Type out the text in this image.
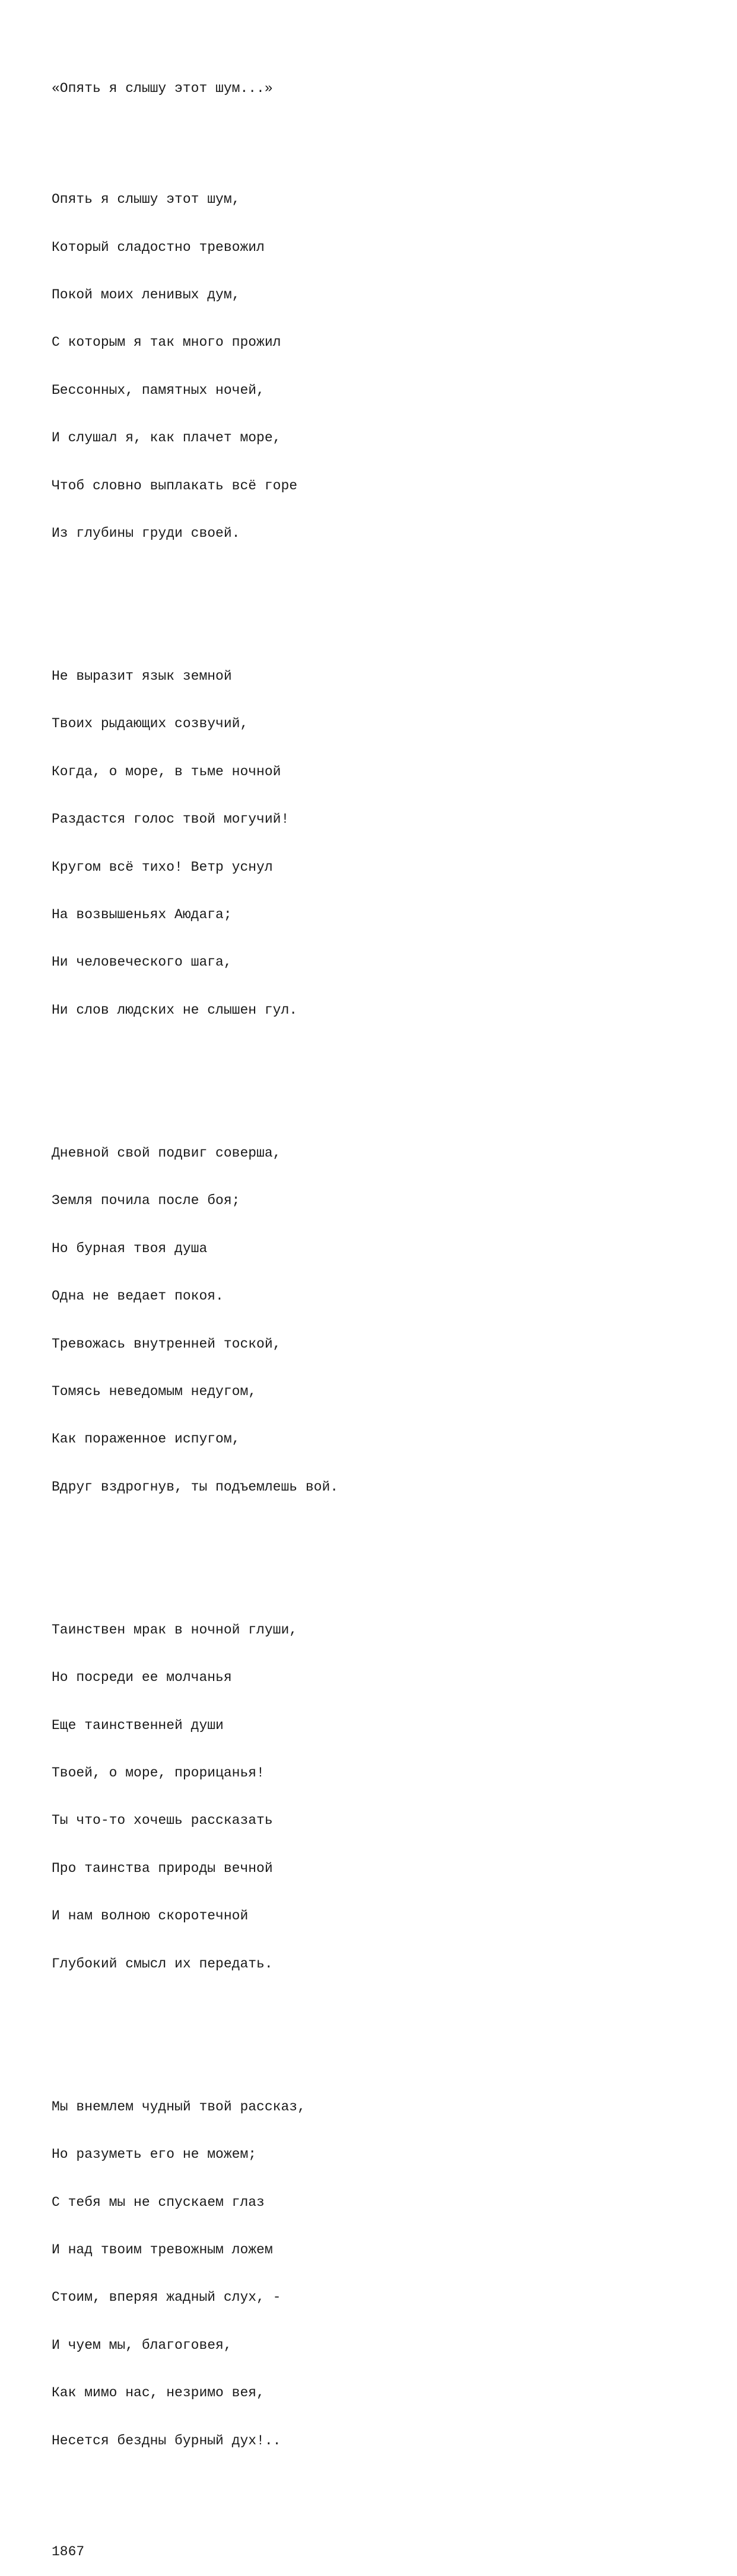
«Опять я слышу этот шум...»

Опять я слышу этот шум,

Который сладостно тревожил

Покой моих ленивых дум,

С которым я так много прожил

Бессонных, памятных ночей,

И слушал я, как плачет море,

Чтоб словно выплакать всё горе

Из глубины груди своей.

Не выразит язык земной

Твоих рыдающих созвучий,

Когда, о море, в тьме ночной

Раздастся голос твой могучий!

Кругом всё тихо! Ветр уснул

На возвышеньях Аюдага;

Ни человеческого шага,

Ни слов людских не слышен гул.

Дневной свой подвиг соверша,

Земля почила после боя;

Но бурная твоя душа

Одна не ведает покоя.

Тревожась внутренней тоской,

Томясь неведомым недугом,

Как пораженное испугом,

Вдруг вздрогнув, ты подъемлешь вой.

Таинствен мрак в ночной глуши,

Но посреди ее молчанья

Еще таинственней души

Твоей, о море, прорицанья!

Ты что-то хочешь рассказать

Про таинства природы вечной

И нам волною скоротечной

Глубокий смысл их передать.

Мы внемлем чудный твой рассказ,

Но разуметь его не можем;

С тебя мы не спускаем глаз

И над твоим тревожным ложем

Стоим, вперяя жадный слух, -

И чуем мы, благоговея,

Как мимо нас, незримо вея,

Несется бездны бурный дух!..

1867
